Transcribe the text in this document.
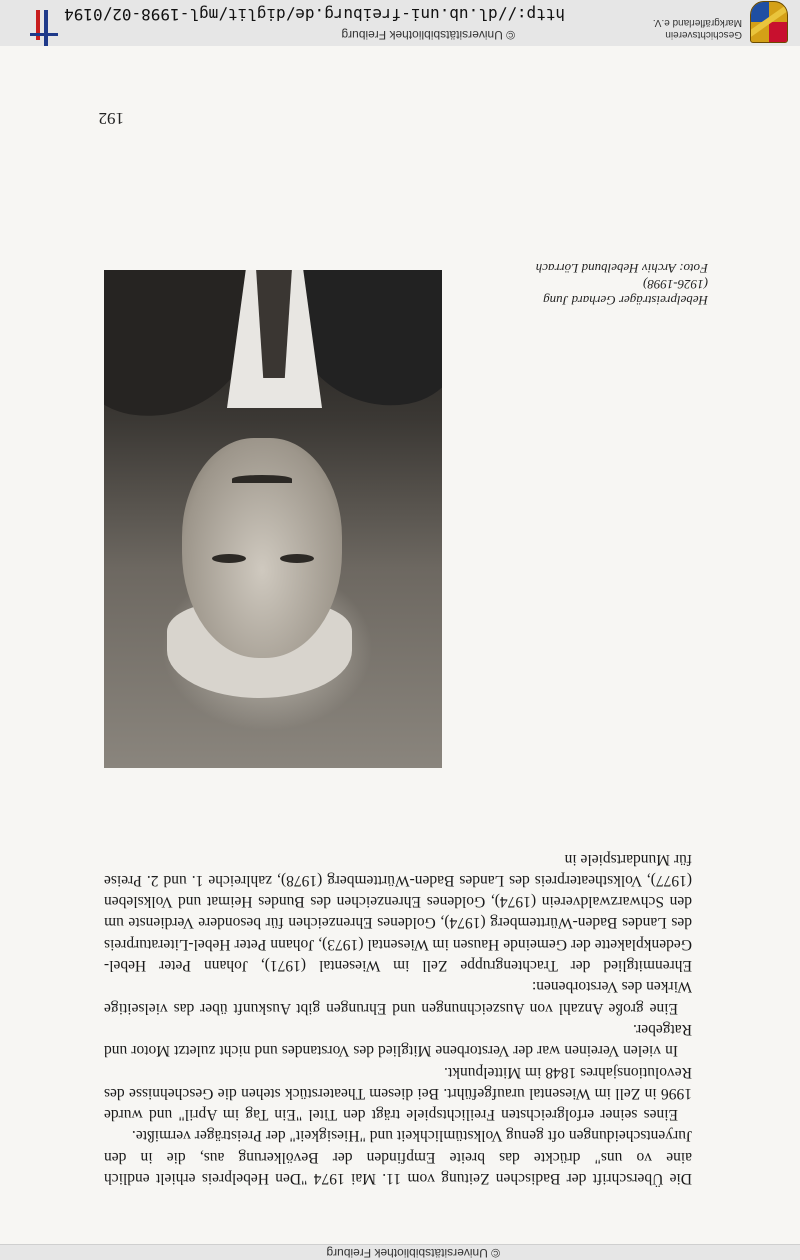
© Universitätsbibliothek Freiburg
http://dl.ub.uni-freiburg.de/diglit/mgl-1998-02/0194
Geschichtsverein
Markgräflerland e.V.

Die Überschrift der Badischen Zeitung vom 11. Mai 1974 "Den Hebelpreis erhielt endlich aine vo uns" drückte das breite Empfinden der Bevölkerung aus, die in den Juryentscheidungen oft genug Volkstümlichkeit und "Hiesigkeit" der Preisträger vermißte.

Eines seiner erfolgreichsten Freilichtspiele trägt den Titel "Ein Tag im April" und wurde 1996 in Zell im Wiesental uraufgeführt. Bei diesem Theaterstück stehen die Geschehnisse des Revolutionsjahres 1848 im Mittelpunkt.

In vielen Vereinen war der Verstorbene Mitglied des Vorstandes und nicht zuletzt Motor und Ratgeber.

Eine große Anzahl von Auszeichnungen und Ehrungen gibt Auskunft über das vielseitige Wirken des Verstorbenen:

Ehrenmitglied der Trachtengruppe Zell im Wiesental (1971), Johann Peter Hebel-Gedenkplakette der Gemeinde Hausen im Wiesental (1973), Johann Peter Hebel-Literaturpreis des Landes Baden-Württemberg (1974), Goldenes Ehrenzeichen für besondere Verdienste um den Schwarzwaldverein (1974), Goldenes Ehrenzeichen des Bundes Heimat und Volksleben (1977), Volkstheaterpreis des Landes Baden-Württemberg (1978), zahlreiche 1. und 2. Preise für Mundartspiele in

Hebelpreisträger Gerhard Jung
(1926-1998)
Foto: Archiv Hebelbund Lörrach
192
© Universitätsbibliothek Freiburg
